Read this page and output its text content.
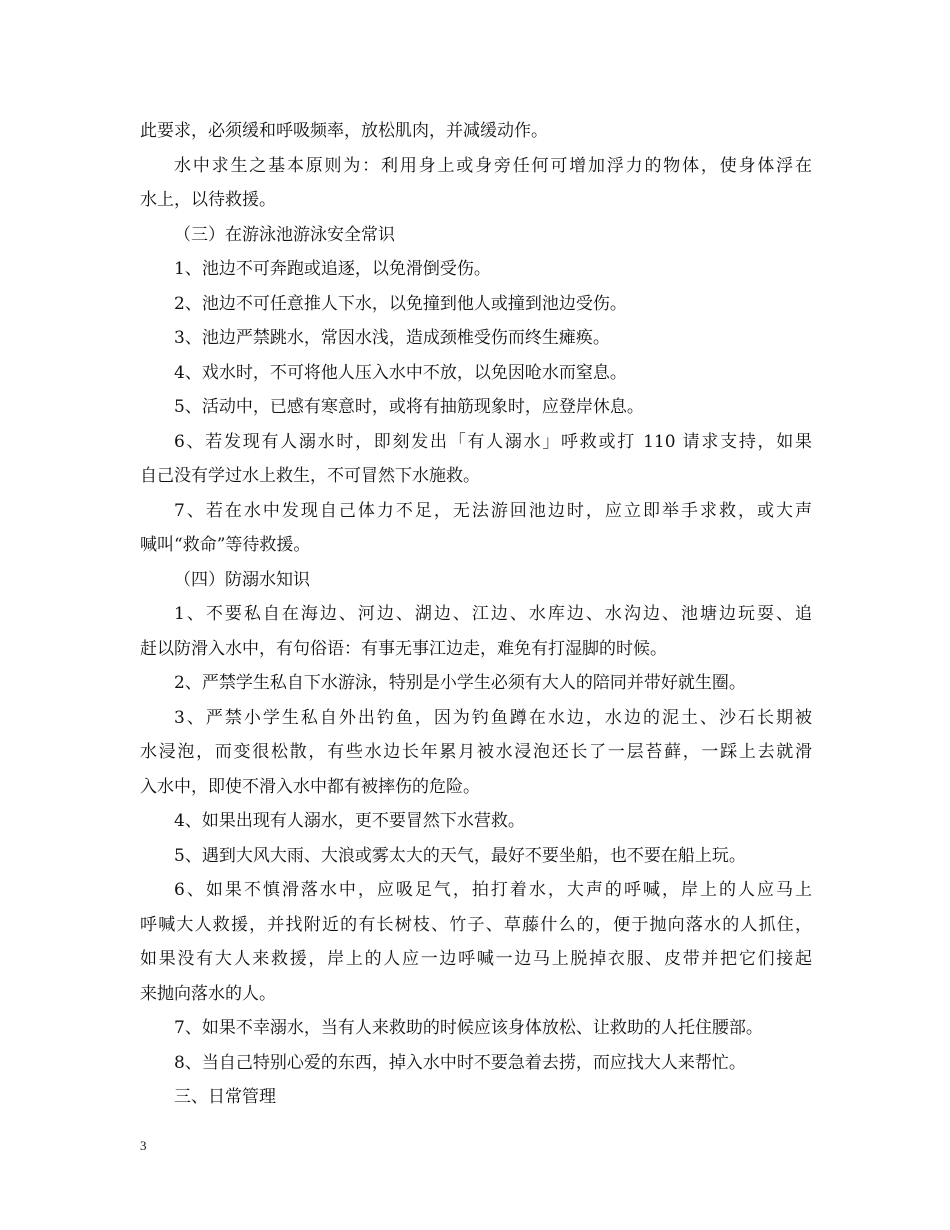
此要求，必须缓和呼吸频率，放松肌肉，并减缓动作。
水中求生之基本原则为：利用身上或身旁任何可增加浮力的物体，使身体浮在
水上，以待救援。
（三）在游泳池游泳安全常识
1、池边不可奔跑或追逐，以免滑倒受伤。
2、池边不可任意推人下水，以免撞到他人或撞到池边受伤。
3、池边严禁跳水，常因水浅，造成颈椎受伤而终生瘫痪。
4、戏水时，不可将他人压入水中不放，以免因呛水而窒息。
5、活动中，已感有寒意时，或将有抽筋现象时，应登岸休息。
6、若发现有人溺水时，即刻发出「有人溺水」呼救或打 110 请求支持，如果
自己没有学过水上救生，不可冒然下水施救。
7、若在水中发现自己体力不足，无法游回池边时，应立即举手求救，或大声
喊叫“救命”等待救援。
（四）防溺水知识
1、不要私自在海边、河边、湖边、江边、水库边、水沟边、池塘边玩耍、追
赶以防滑入水中，有句俗语：有事无事江边走，难免有打湿脚的时候。
2、严禁学生私自下水游泳，特别是小学生必须有大人的陪同并带好就生圈。
3、严禁小学生私自外出钓鱼，因为钓鱼蹲在水边，水边的泥土、沙石长期被
水浸泡，而变很松散，有些水边长年累月被水浸泡还长了一层苔藓，一踩上去就滑
入水中，即使不滑入水中都有被摔伤的危险。
4、如果出现有人溺水，更不要冒然下水营救。
5、遇到大风大雨、大浪或雾太大的天气，最好不要坐船，也不要在船上玩。
6、如果不慎滑落水中，应吸足气，拍打着水，大声的呼喊，岸上的人应马上
呼喊大人救援，并找附近的有长树枝、竹子、草藤什么的，便于抛向落水的人抓住，
如果没有大人来救援，岸上的人应一边呼喊一边马上脱掉衣服、皮带并把它们接起
来抛向落水的人。
7、如果不幸溺水，当有人来救助的时候应该身体放松、让救助的人托住腰部。
8、当自己特别心爱的东西，掉入水中时不要急着去捞，而应找大人来帮忙。
三、日常管理
3
